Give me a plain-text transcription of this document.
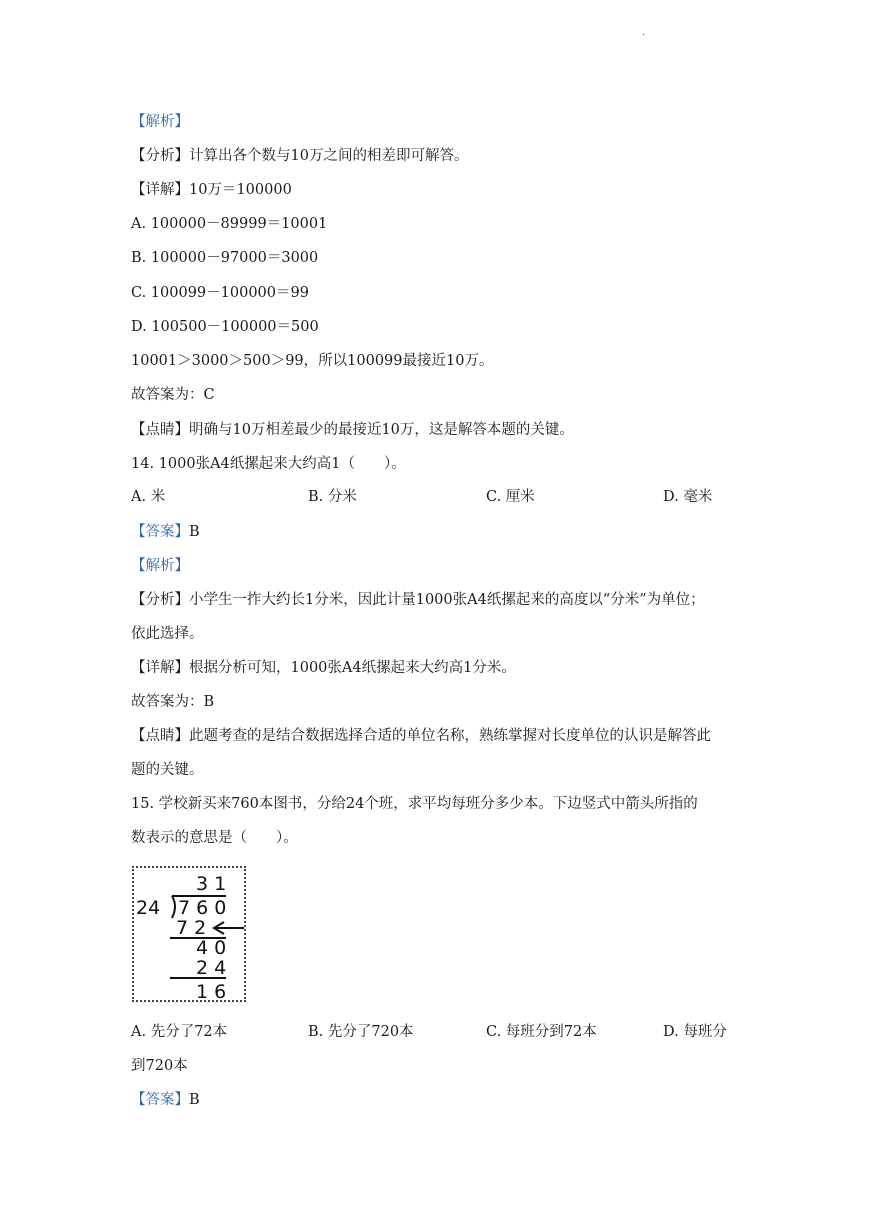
·
【解析】
【分析】计算出各个数与10万之间的相差即可解答。
【详解】10万＝100000
A. 100000－89999＝10001
B. 100000－97000＝3000
C. 100099－100000＝99
D. 100500－100000＝500
10001＞3000＞500＞99，所以100099最接近10万。
故答案为：C
【点睛】明确与10万相差最少的最接近10万，这是解答本题的关键。
14. 1000张A4纸摞起来大约高1（　　）。
A. 米	B. 分米	C. 厘米	D. 毫米
【答案】B
【解析】
【分析】小学生一拃大约长1分米，因此计量1000张A4纸摞起来的高度以“分米”为单位；
依此选择。
【详解】根据分析可知，1000张A4纸摞起来大约高1分米。
故答案为：B
【点睛】此题考查的是结合数据选择合适的单位名称，熟练掌握对长度单位的认识是解答此
题的关键。
15. 学校新买来760本图书，分给24个班，求平均每班分多少本。下边竖式中箭头所指的
数表示的意思是（　　）。
3 1
24 7 6 0
7 2
4 0
2 4
1 6
A. 先分了72本	B. 先分了720本	C. 每班分到72本	D. 每班分
到720本
【答案】B
